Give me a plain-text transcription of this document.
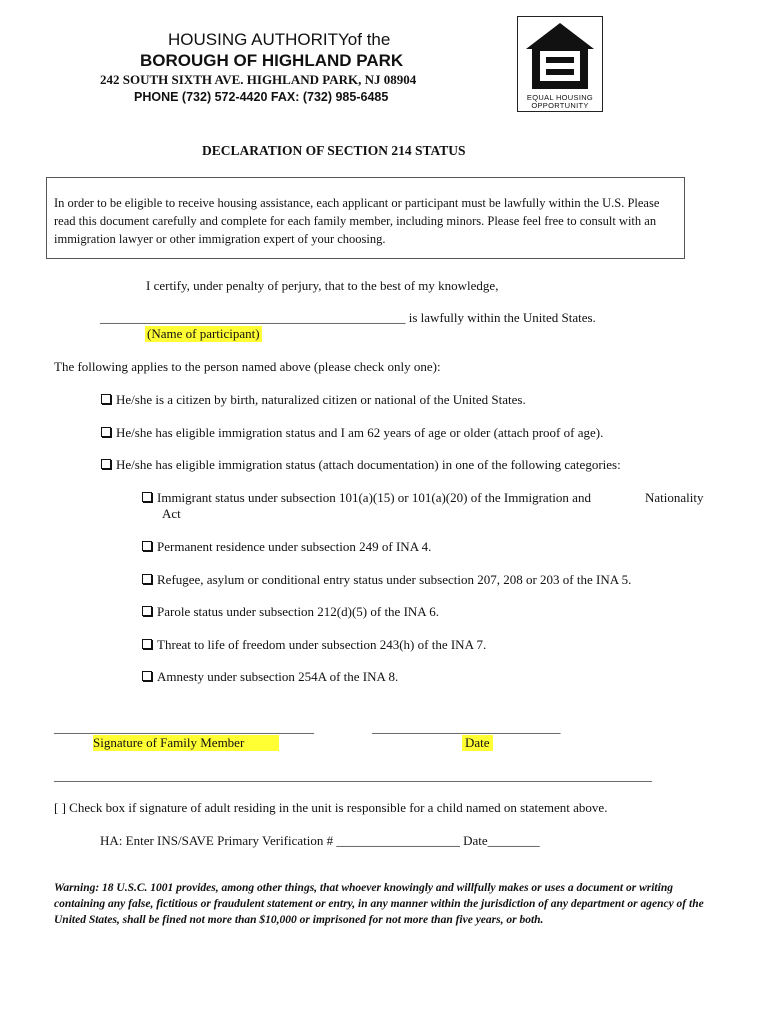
HOUSING AUTHORITYof the
BOROUGH OF HIGHLAND PARK
242 SOUTH SIXTH AVE. HIGHLAND PARK, NJ 08904
PHONE (732) 572-4420 FAX: (732) 985-6485	EQUAL HOUSING OPPORTUNITY
DECLARATION OF SECTION 214 STATUS
In order to be eligible to receive housing assistance, each applicant or participant must be lawfully within the U.S. Please read this document carefully and complete for each family member, including minors. Please feel free to consult with an immigration lawyer or other immigration expert of your choosing.
I certify, under penalty of perjury, that to the best of my knowledge,
_______________________________________________ is lawfully within the United States.
(Name of participant)
The following applies to the person named above (please check only one):
He/she is a citizen by birth, naturalized citizen or national of the United States.
He/she has eligible immigration status and I am 62 years of age or older (attach proof of age).
He/she has eligible immigration status (attach documentation) in one of the following categories:
Immigrant status under subsection 101(a)(15) or 101(a)(20) of the Immigration and	Nationality
Act
Permanent residence under subsection 249 of INA 4.
Refugee, asylum or conditional entry status under subsection 207, 208 or 203 of the INA 5.
Parole status under subsection 212(d)(5) of the INA 6.
Threat to life of freedom under subsection 243(h) of the INA 7.
Amnesty under subsection 254A of the INA 8.
________________________________________	_____________________________
Signature of Family Member	Date
____________________________________________________________________________________________
[ ] Check box if signature of adult residing in the unit is responsible for a child named on statement above.
HA: Enter INS/SAVE Primary Verification # ___________________ Date________
Warning: 18 U.S.C. 1001 provides, among other things, that whoever knowingly and willfully makes or uses a document or writing containing any false, fictitious or fraudulent statement or entry, in any manner within the jurisdiction of any department or agency of the United States, shall be fined not more than $10,000 or imprisoned for not more than five years, or both.
